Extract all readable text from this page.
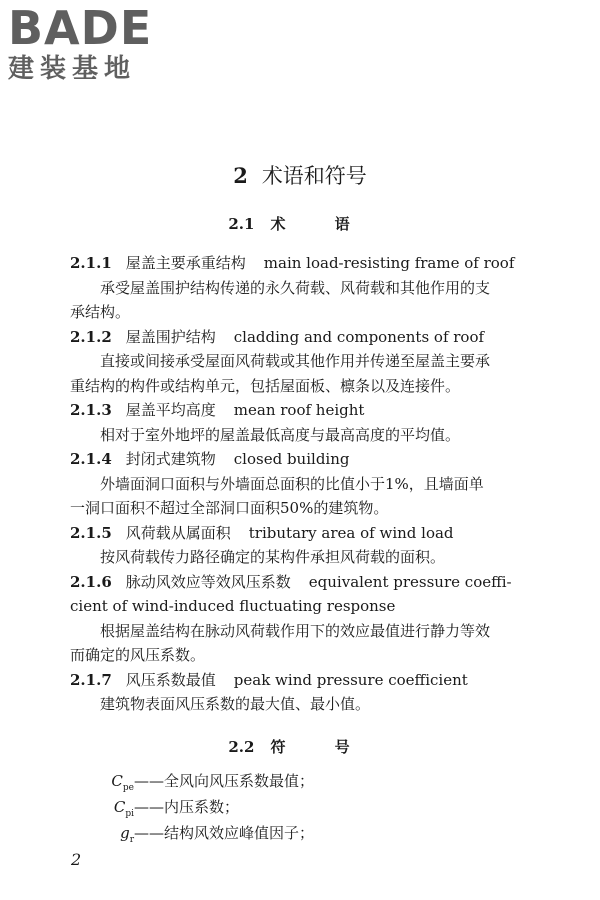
BADE
建装基地
2 术语和符号
2.1 术 语
2.1.1 屋盖主要承重结构 main load-resisting frame of roof
承受屋盖围护结构传递的永久荷载、风荷载和其他作用的支
承结构。
2.1.2 屋盖围护结构 cladding and components of roof
直接或间接承受屋面风荷载或其他作用并传递至屋盖主要承
重结构的构件或结构单元，包括屋面板、檩条以及连接件。
2.1.3 屋盖平均高度 mean roof height
相对于室外地坪的屋盖最低高度与最高高度的平均值。
2.1.4 封闭式建筑物 closed building
外墙面洞口面积与外墙面总面积的比值小于1%，且墙面单
一洞口面积不超过全部洞口面积50%的建筑物。
2.1.5 风荷载从属面积 tributary area of wind load
按风荷载传力路径确定的某构件承担风荷载的面积。
2.1.6 脉动风效应等效风压系数 equivalent pressure coeffi-
cient of wind-induced fluctuating response
根据屋盖结构在脉动风荷载作用下的效应最值进行静力等效
而确定的风压系数。
2.1.7 风压系数最值 peak wind pressure coefficient
建筑物表面风压系数的最大值、最小值。
2.2 符 号
$C_{pe}——$全风向风压系数最值；
$C_{pi}——$内压系数；
$g_r——$结构风效应峰值因子；
2
